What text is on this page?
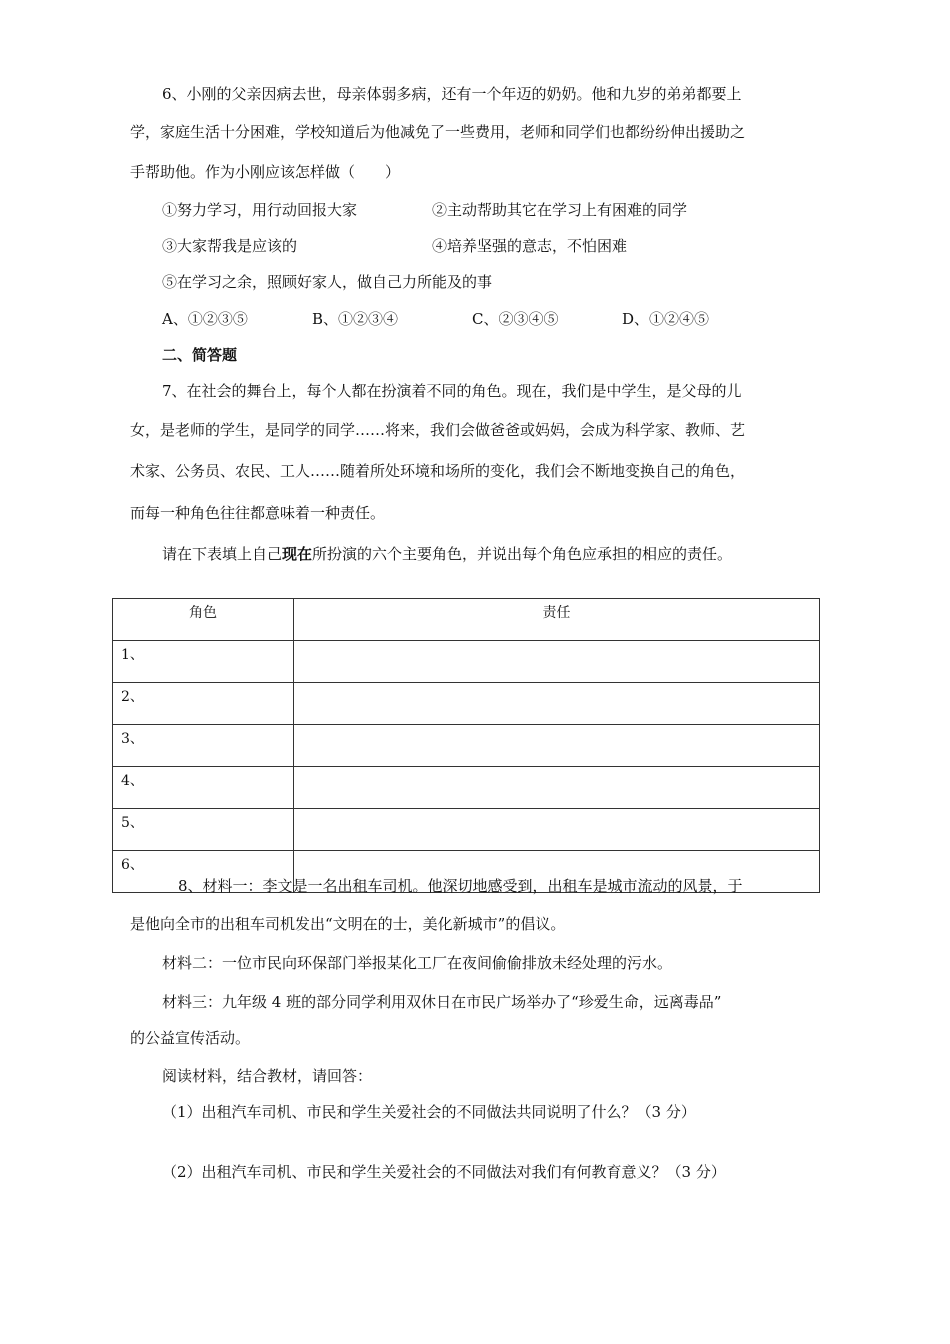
6、小刚的父亲因病去世，母亲体弱多病，还有一个年迈的奶奶。他和九岁的弟弟都要上
学，家庭生活十分困难，学校知道后为他减免了一些费用，老师和同学们也都纷纷伸出援助之
手帮助他。作为小刚应该怎样做（　　）
①努力学习，用行动回报大家	②主动帮助其它在学习上有困难的同学
③大家帮我是应该的	④培养坚强的意志，不怕困难
⑤在学习之余，照顾好家人，做自己力所能及的事
A、①②③⑤	B、①②③④	C、②③④⑤	D、①②④⑤
二、简答题
7、在社会的舞台上，每个人都在扮演着不同的角色。现在，我们是中学生，是父母的儿
女，是老师的学生，是同学的同学……将来，我们会做爸爸或妈妈，会成为科学家、教师、艺
术家、公务员、农民、工人……随着所处环境和场所的变化，我们会不断地变换自己的角色，
而每一种角色往往都意味着一种责任。
请在下表填上自己现在所扮演的六个主要角色，并说出每个角色应承担的相应的责任。
角色	责任
1、	
2、	
3、	
4、	
5、	
6、	
8、材料一：李文是一名出租车司机。他深切地感受到，出租车是城市流动的风景，于
是他向全市的出租车司机发出“文明在的士，美化新城市”的倡议。
材料二：一位市民向环保部门举报某化工厂在夜间偷偷排放未经处理的污水。
材料三：九年级 4 班的部分同学利用双休日在市民广场举办了“珍爱生命，远离毒品”
的公益宣传活动。
阅读材料，结合教材，请回答：
（1）出租汽车司机、市民和学生关爱社会的不同做法共同说明了什么？（3 分）
（2）出租汽车司机、市民和学生关爱社会的不同做法对我们有何教育意义？（3 分）
